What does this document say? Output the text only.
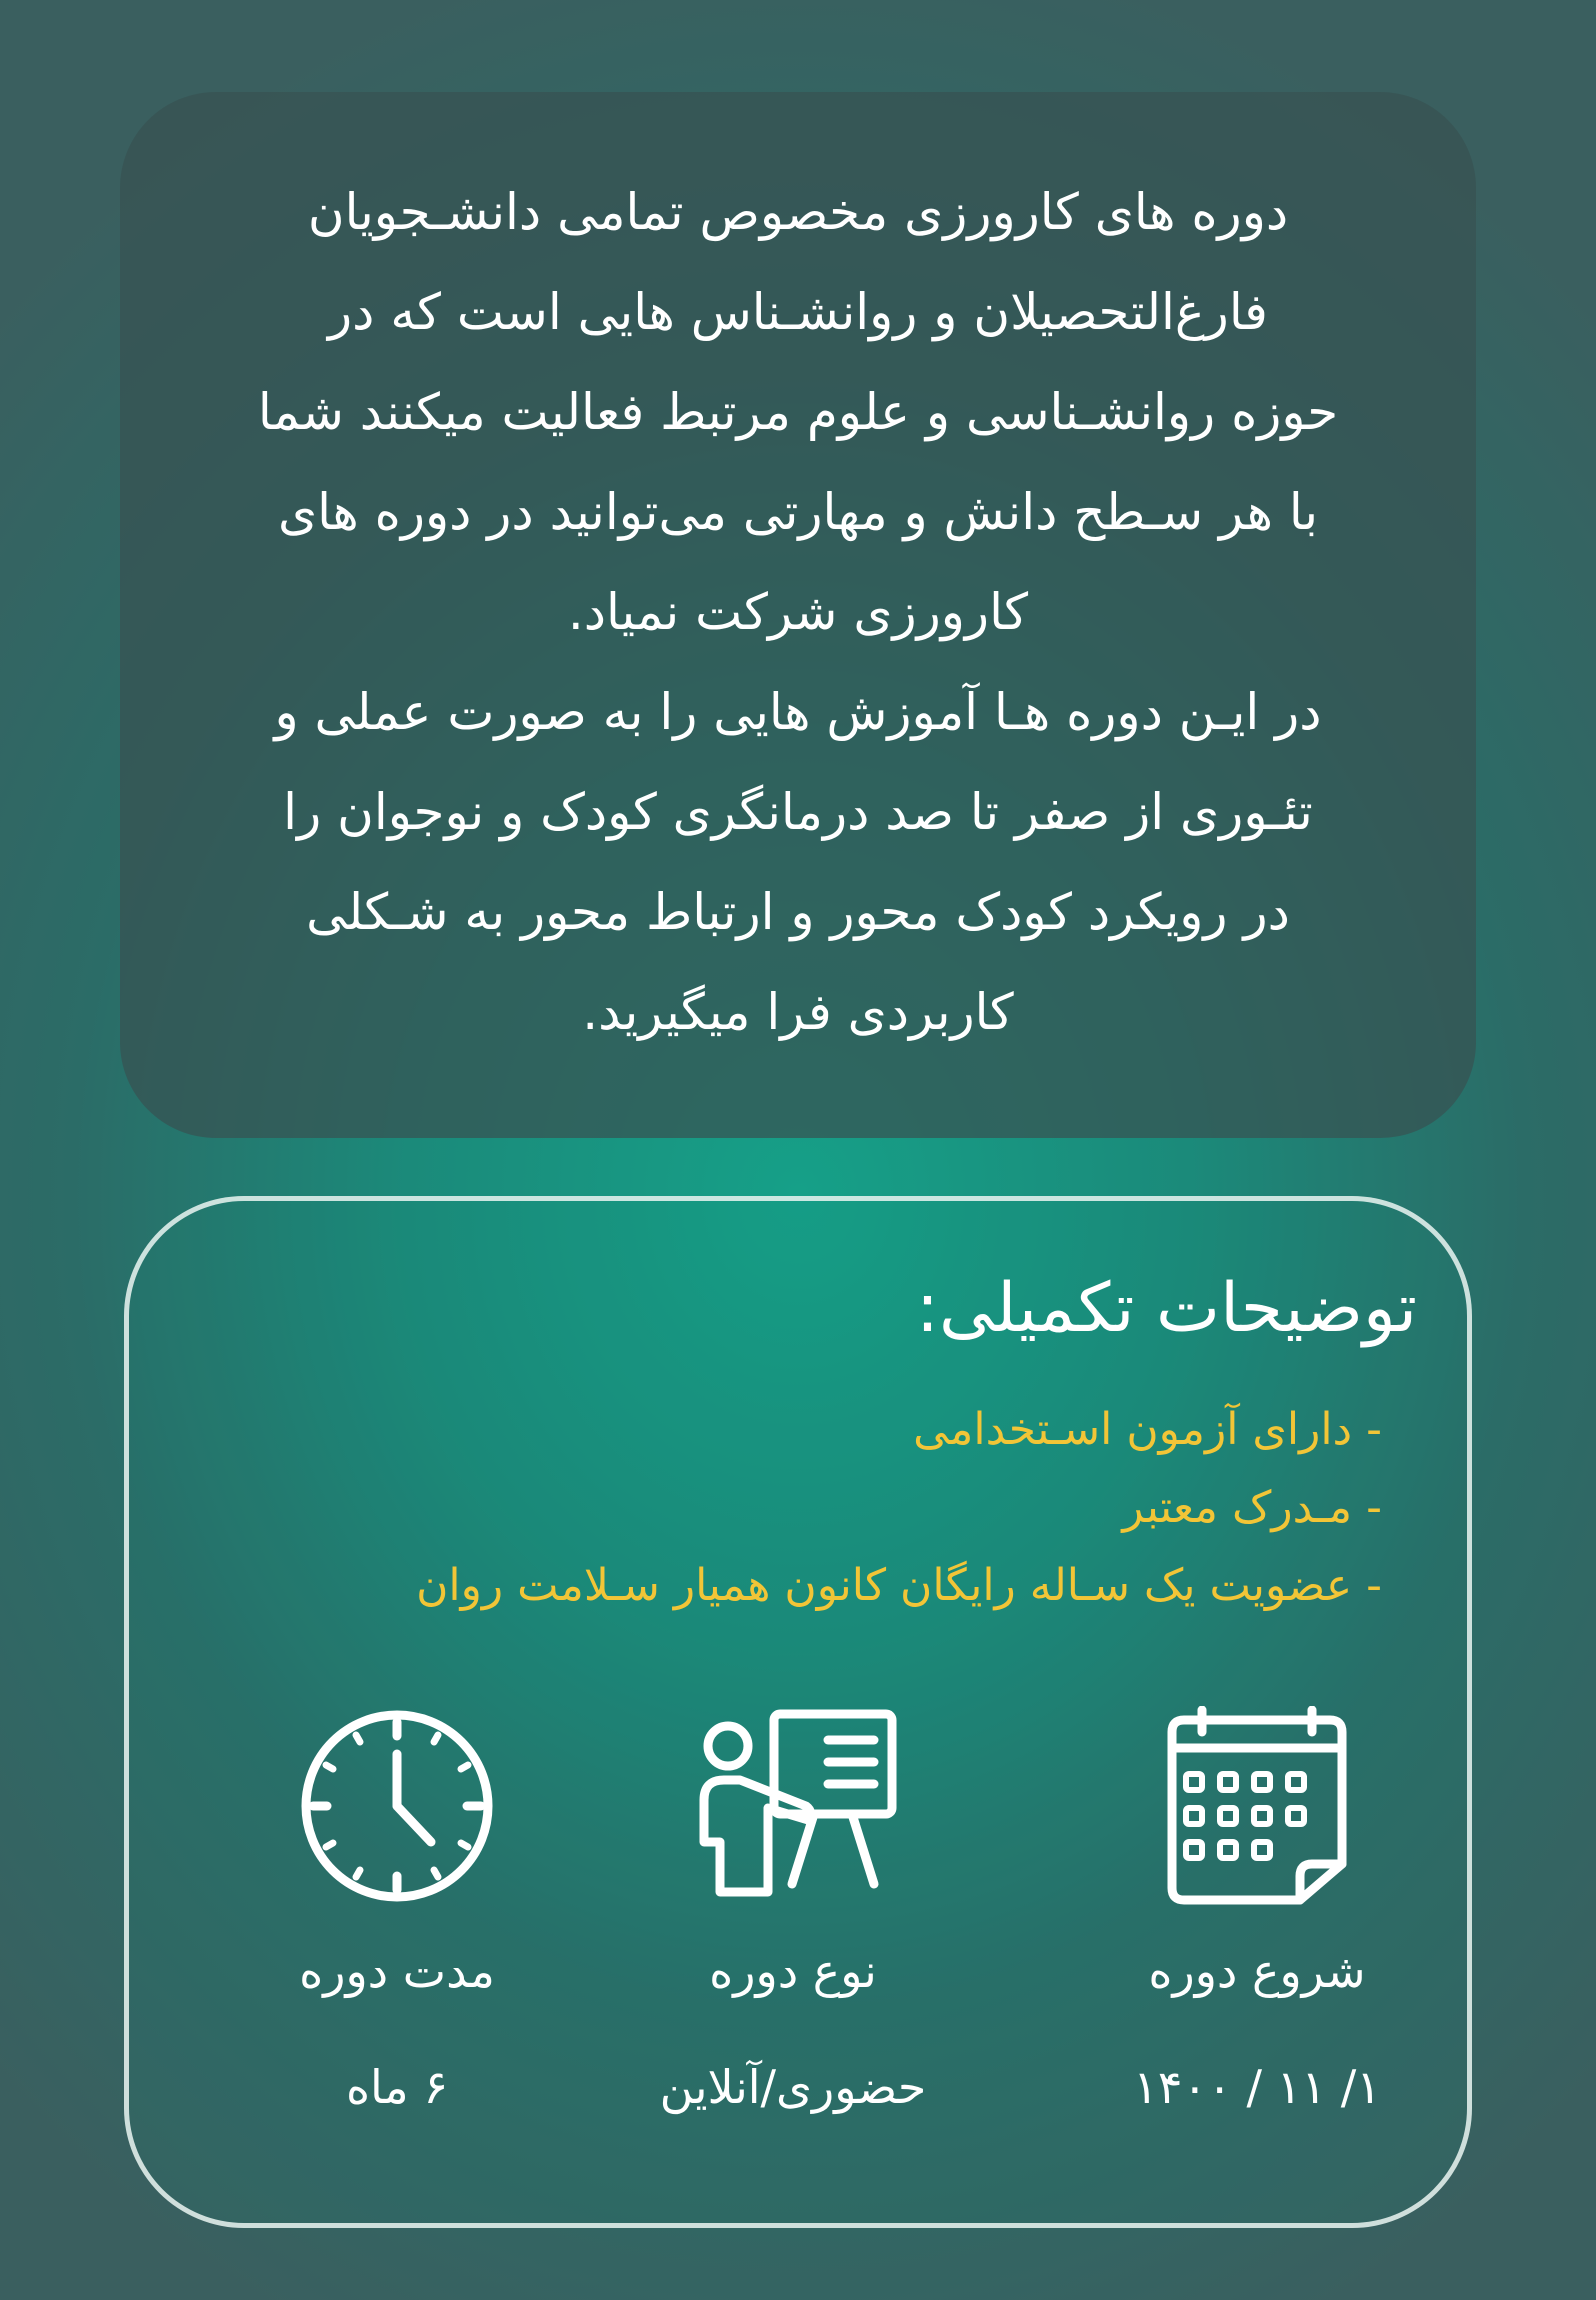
دوره های کارورزی مخصوص تمامی دانشـجویان

فارغ‌التحصیلان و روانشـناس هایی است که در

حوزه روانشـناسی و علوم مرتبط فعالیت میکنند شما

با هر سـطح دانش و مهارتی می‌توانید در دوره های

کارورزی شرکت نمیاد.

در ایـن دوره هـا آموزش هایی را به صورت عملی و

تئـوری از صفر تا صد درمانگری کودک و نوجوان را

در رویکرد کودک محور و ارتباط محور به شـکلی

کاربردی فرا میگیرید.

توضیحات تکمیلی:
- دارای آزمون اسـتخدامی
- مـدرک معتبر
- عضویت یک سـاله رایگان کانون همیار سـلامت روان
شروع دوره
۱/ ۱۱ / ۱۴۰۰
نوع دوره
حضوری/آنلاین
مدت دوره
۶ ماه
